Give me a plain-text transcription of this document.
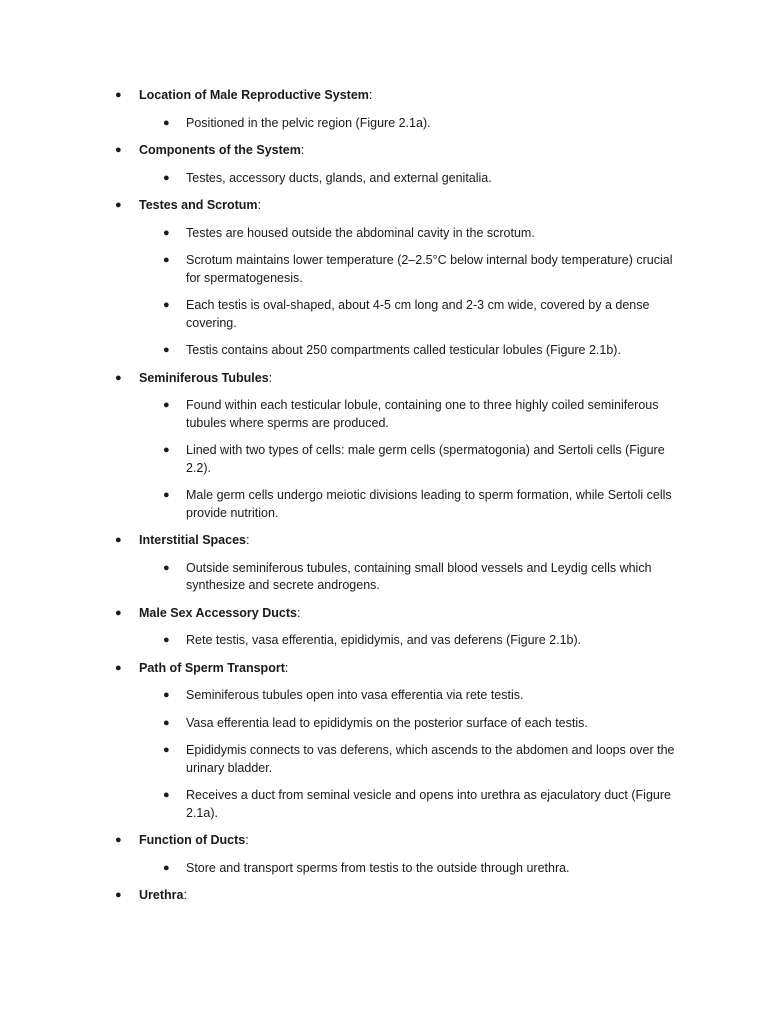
● Location of Male Reproductive System:
● Positioned in the pelvic region (Figure 2.1a).
● Components of the System:
● Testes, accessory ducts, glands, and external genitalia.
● Testes and Scrotum:
● Testes are housed outside the abdominal cavity in the scrotum.
● Scrotum maintains lower temperature (2–2.5°C below internal body temperature) crucial for spermatogenesis.
● Each testis is oval-shaped, about 4-5 cm long and 2-3 cm wide, covered by a dense covering.
● Testis contains about 250 compartments called testicular lobules (Figure 2.1b).
● Seminiferous Tubules:
● Found within each testicular lobule, containing one to three highly coiled seminiferous tubules where sperms are produced.
● Lined with two types of cells: male germ cells (spermatogonia) and Sertoli cells (Figure 2.2).
● Male germ cells undergo meiotic divisions leading to sperm formation, while Sertoli cells provide nutrition.
● Interstitial Spaces:
● Outside seminiferous tubules, containing small blood vessels and Leydig cells which synthesize and secrete androgens.
● Male Sex Accessory Ducts:
● Rete testis, vasa efferentia, epididymis, and vas deferens (Figure 2.1b).
● Path of Sperm Transport:
● Seminiferous tubules open into vasa efferentia via rete testis.
● Vasa efferentia lead to epididymis on the posterior surface of each testis.
● Epididymis connects to vas deferens, which ascends to the abdomen and loops over the urinary bladder.
● Receives a duct from seminal vesicle and opens into urethra as ejaculatory duct (Figure 2.1a).
● Function of Ducts:
● Store and transport sperms from testis to the outside through urethra.
● Urethra:
